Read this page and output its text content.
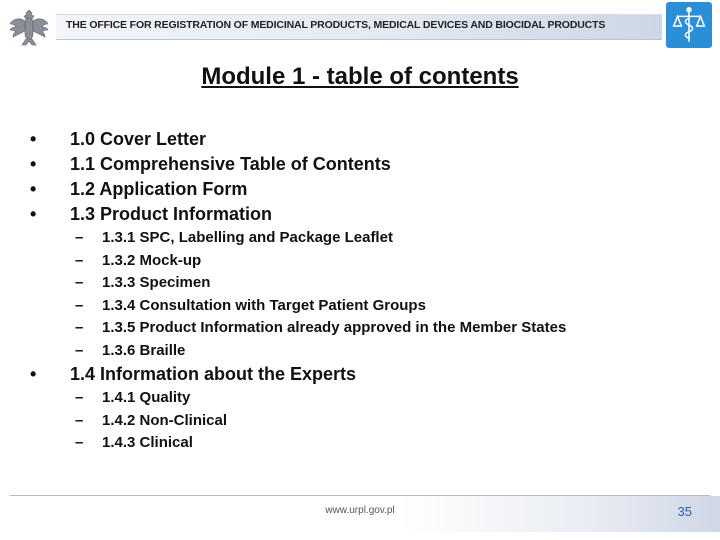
THE OFFICE FOR REGISTRATION OF MEDICINAL PRODUCTS, MEDICAL DEVICES AND BIOCIDAL PRODUCTS
Module 1 - table of contents
• 1.0 Cover Letter
• 1.1 Comprehensive Table of Contents
• 1.2 Application Form
• 1.3 Product Information
– 1.3.1 SPC, Labelling and Package Leaflet
– 1.3.2 Mock-up
– 1.3.3 Specimen
– 1.3.4 Consultation with Target Patient Groups
– 1.3.5 Product Information already approved in the Member States
– 1.3.6 Braille
• 1.4 Information about the Experts
– 1.4.1 Quality
– 1.4.2 Non-Clinical
– 1.4.3 Clinical
www.urpl.gov.pl	35
